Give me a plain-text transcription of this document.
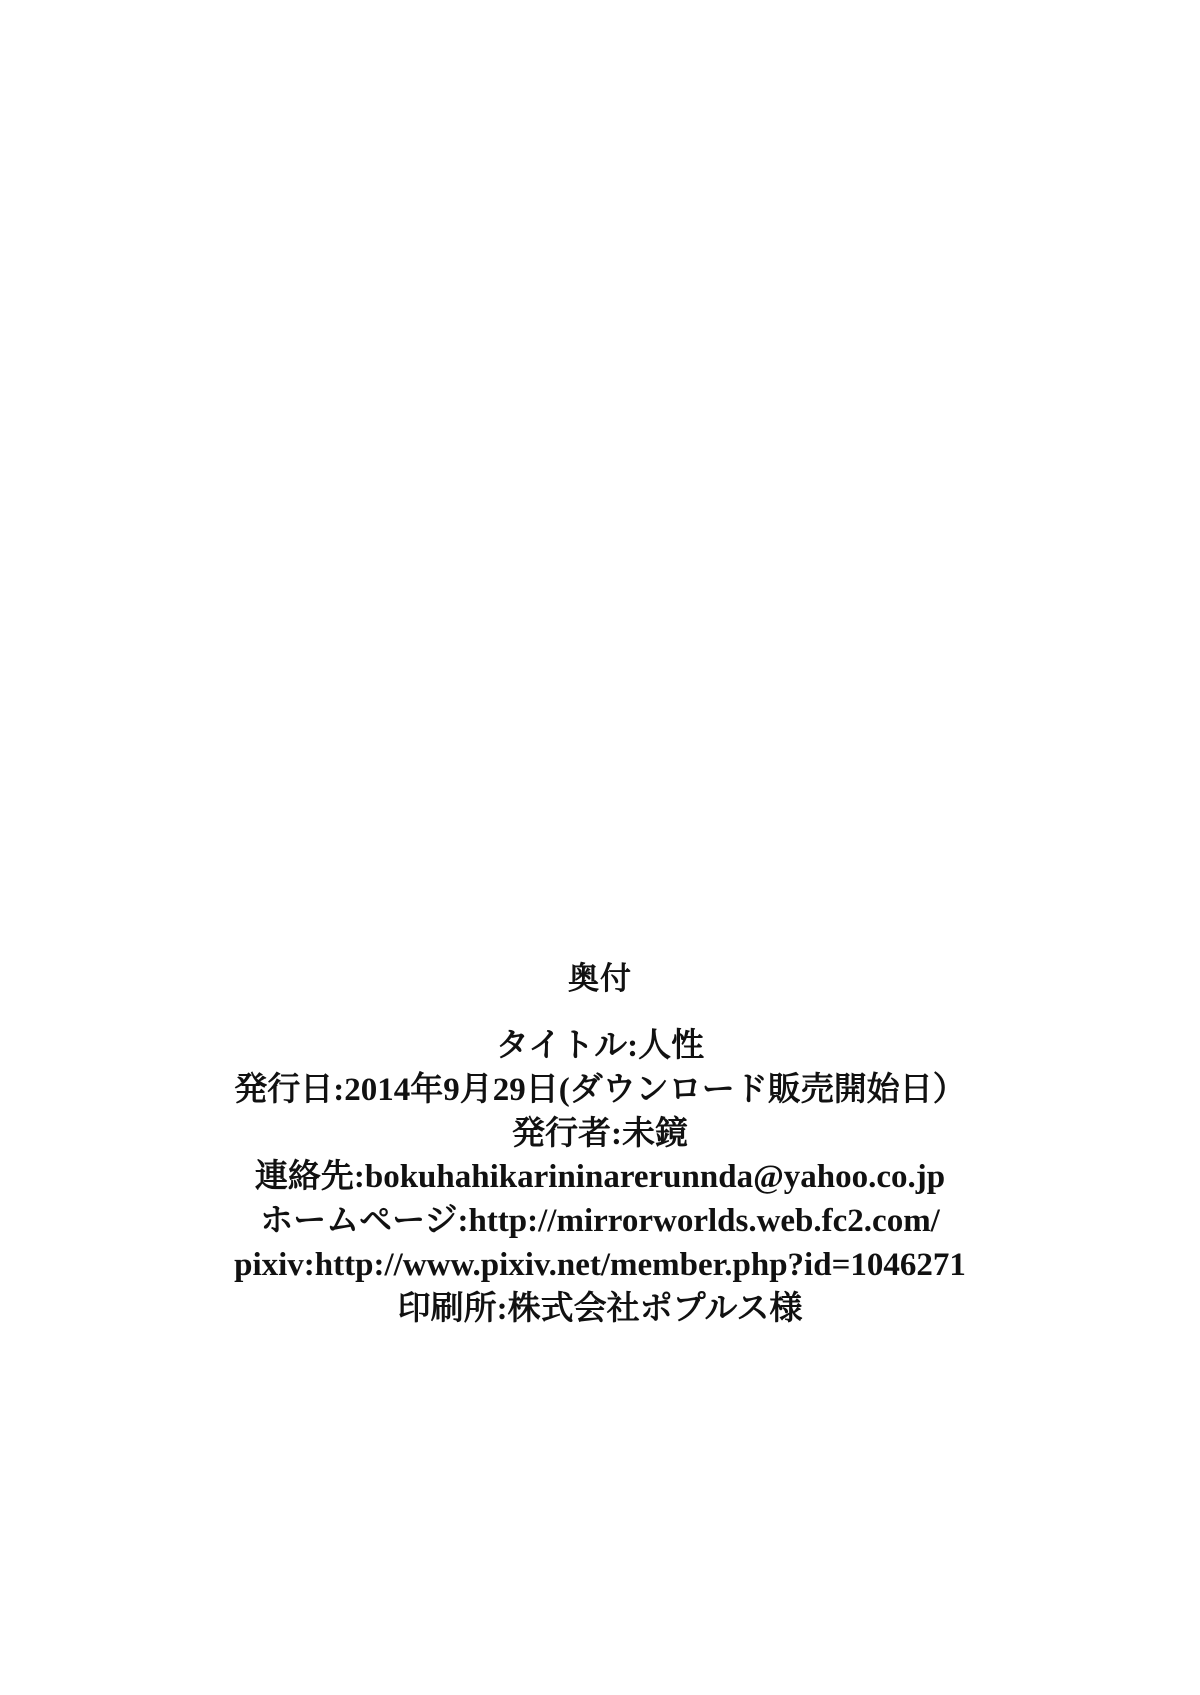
奥付
タイトル:人性
発行日:2014年9月29日(ダウンロード販売開始日）
発行者:未鏡
連絡先:bokuhahikarininarerunnda@yahoo.co.jp
ホームページ:http://mirrorworlds.web.fc2.com/
pixiv:http://www.pixiv.net/member.php?id=1046271
印刷所:株式会社ポプルス様
